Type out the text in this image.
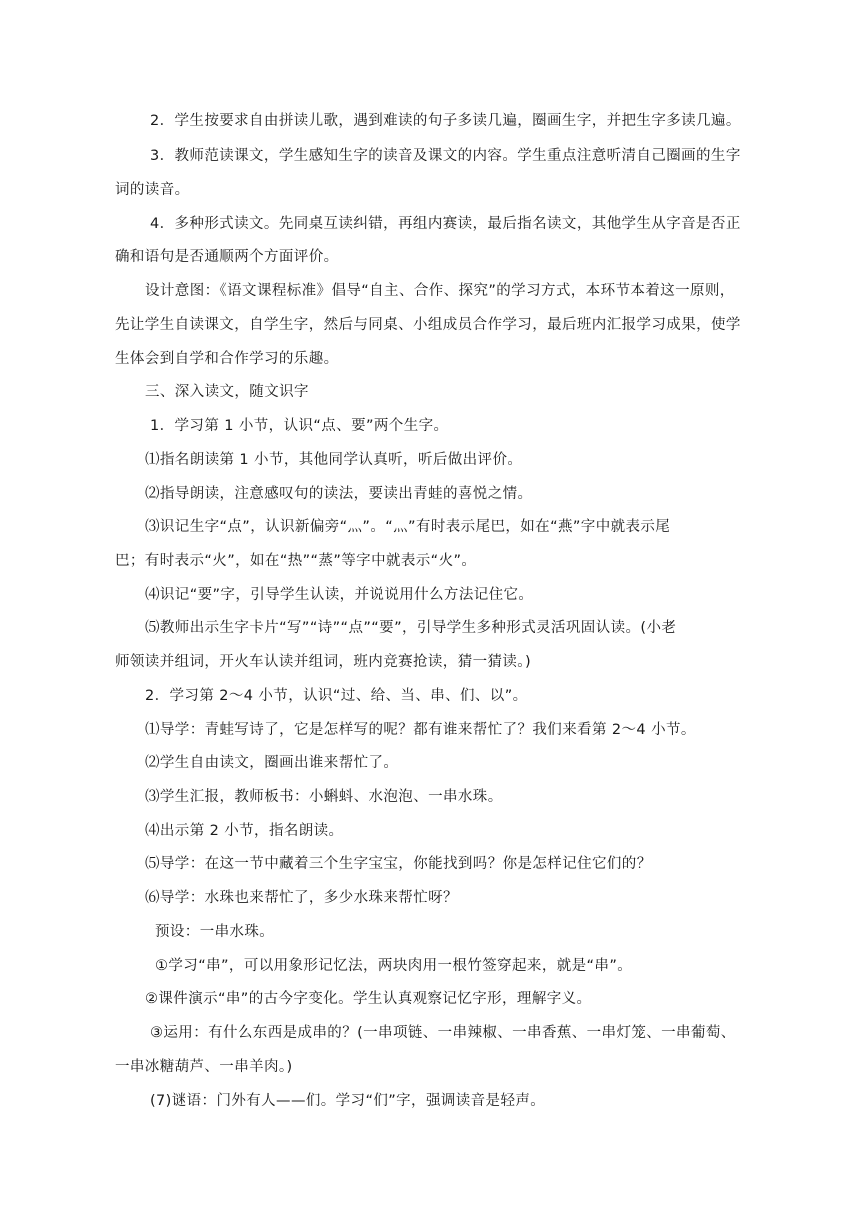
2．学生按要求自由拼读儿歌，遇到难读的句子多读几遍，圈画生字，并把生字多读几遍。
3．教师范读课文，学生感知生字的读音及课文的内容。学生重点注意听清自己圈画的生字
词的读音。
4．多种形式读文。先同桌互读纠错，再组内赛读，最后指名读文，其他学生从字音是否正
确和语句是否通顺两个方面评价。
设计意图：《语文课程标准》倡导“自主、合作、探究”的学习方式，本环节本着这一原则，
先让学生自读课文，自学生字，然后与同桌、小组成员合作学习，最后班内汇报学习成果，使学
生体会到自学和合作学习的乐趣。
三、深入读文，随文识字
1．学习第 1 小节，认识“点、要”两个生字。
⑴指名朗读第 1 小节，其他同学认真听，听后做出评价。
⑵指导朗读，注意感叹句的读法，要读出青蛙的喜悦之情。
⑶识记生字“点”，认识新偏旁“灬”。“灬”有时表示尾巴，如在“燕”字中就表示尾
巴；有时表示“火”，如在“热”“蒸”等字中就表示“火”。
⑷识记“要”字，引导学生认读，并说说用什么方法记住它。
⑸教师出示生字卡片“写”“诗”“点”“要”，引导学生多种形式灵活巩固认读。(小老
师领读并组词，开火车认读并组词，班内竞赛抢读，猜一猜读。)
2．学习第 2～4 小节，认识“过、给、当、串、们、以”。
⑴导学：青蛙写诗了，它是怎样写的呢？都有谁来帮忙了？我们来看第 2～4 小节。
⑵学生自由读文，圈画出谁来帮忙了。
⑶学生汇报，教师板书：小蝌蚪、水泡泡、一串水珠。
⑷出示第 2 小节，指名朗读。
⑸导学：在这一节中藏着三个生字宝宝，你能找到吗？你是怎样记住它们的？
⑹导学：水珠也来帮忙了，多少水珠来帮忙呀？
预设：一串水珠。
①学习“串”，可以用象形记忆法，两块肉用一根竹签穿起来，就是“串”。
②课件演示“串”的古今字变化。学生认真观察记忆字形，理解字义。
③运用：有什么东西是成串的？(一串项链、一串辣椒、一串香蕉、一串灯笼、一串葡萄、
一串冰糖葫芦、一串羊肉。)
(7)谜语：门外有人——们。学习“们”字，强调读音是轻声。
